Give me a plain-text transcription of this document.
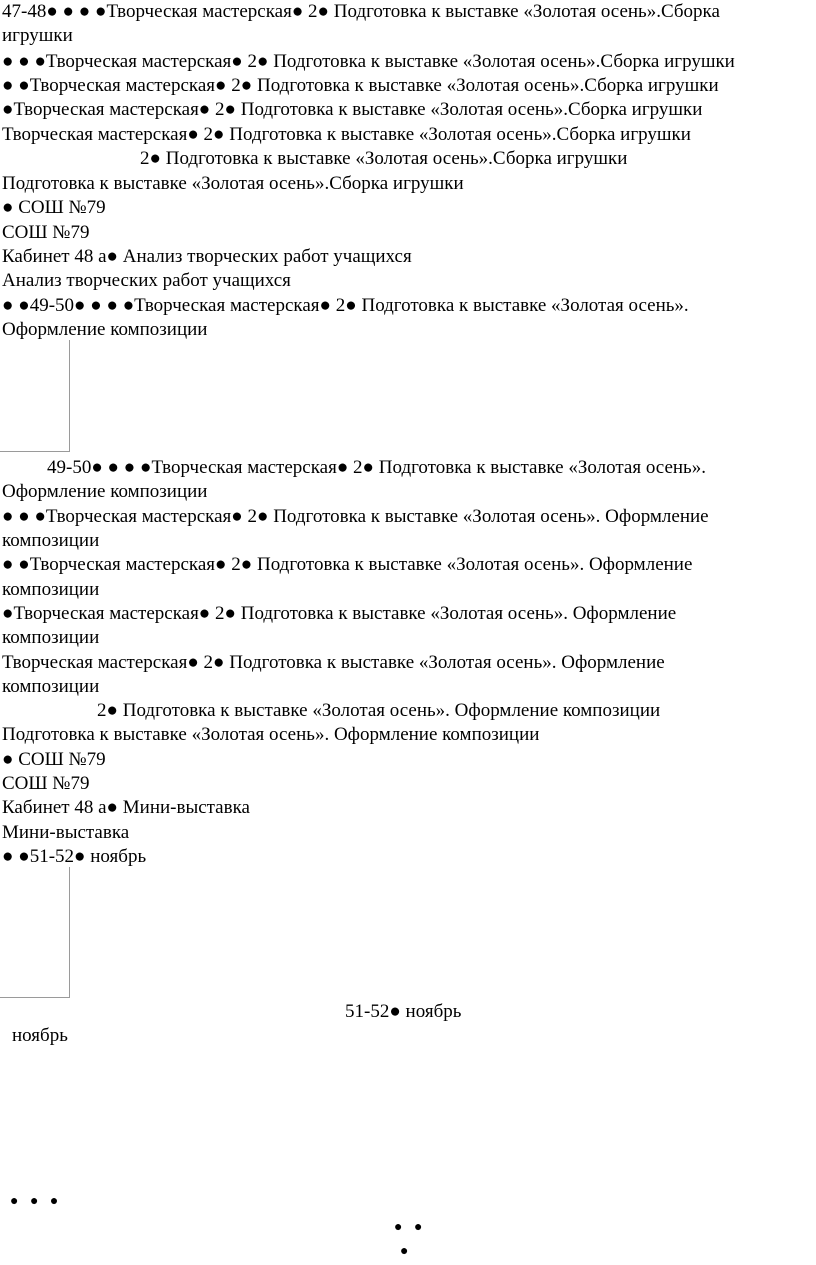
47-48● ● ● ●Творческая мастерская● 2● Подготовка к выставке «Золотая осень».Сборка
игрушки
● ● ●Творческая мастерская● 2● Подготовка к выставке «Золотая осень».Сборка игрушки
● ●Творческая мастерская● 2● Подготовка к выставке «Золотая осень».Сборка игрушки
●Творческая мастерская● 2● Подготовка к выставке «Золотая осень».Сборка игрушки
Творческая мастерская● 2● Подготовка к выставке «Золотая осень».Сборка игрушки
2● Подготовка к выставке «Золотая осень».Сборка игрушки
Подготовка к выставке «Золотая осень».Сборка игрушки
● СОШ №79
СОШ №79
Кабинет 48 а● Анализ творческих работ учащихся
Анализ творческих работ учащихся
● ●49-50● ● ● ●Творческая мастерская● 2● Подготовка к выставке «Золотая осень».
Оформление композиции
49-50● ● ● ●Творческая мастерская● 2● Подготовка к выставке «Золотая осень».
Оформление композиции
● ● ●Творческая мастерская● 2● Подготовка к выставке «Золотая осень». Оформление
композиции
● ●Творческая мастерская● 2● Подготовка к выставке «Золотая осень». Оформление
композиции
●Творческая мастерская● 2● Подготовка к выставке «Золотая осень». Оформление
композиции
Творческая мастерская● 2● Подготовка к выставке «Золотая осень». Оформление
композиции
2● Подготовка к выставке «Золотая осень». Оформление композиции
Подготовка к выставке «Золотая осень». Оформление композиции
● СОШ №79
СОШ №79
Кабинет 48 а● Мини-выставка
Мини-выставка
● ●51-52● ноябрь
51-52● ноябрь
ноябрь
● ● ●
● ●
●
